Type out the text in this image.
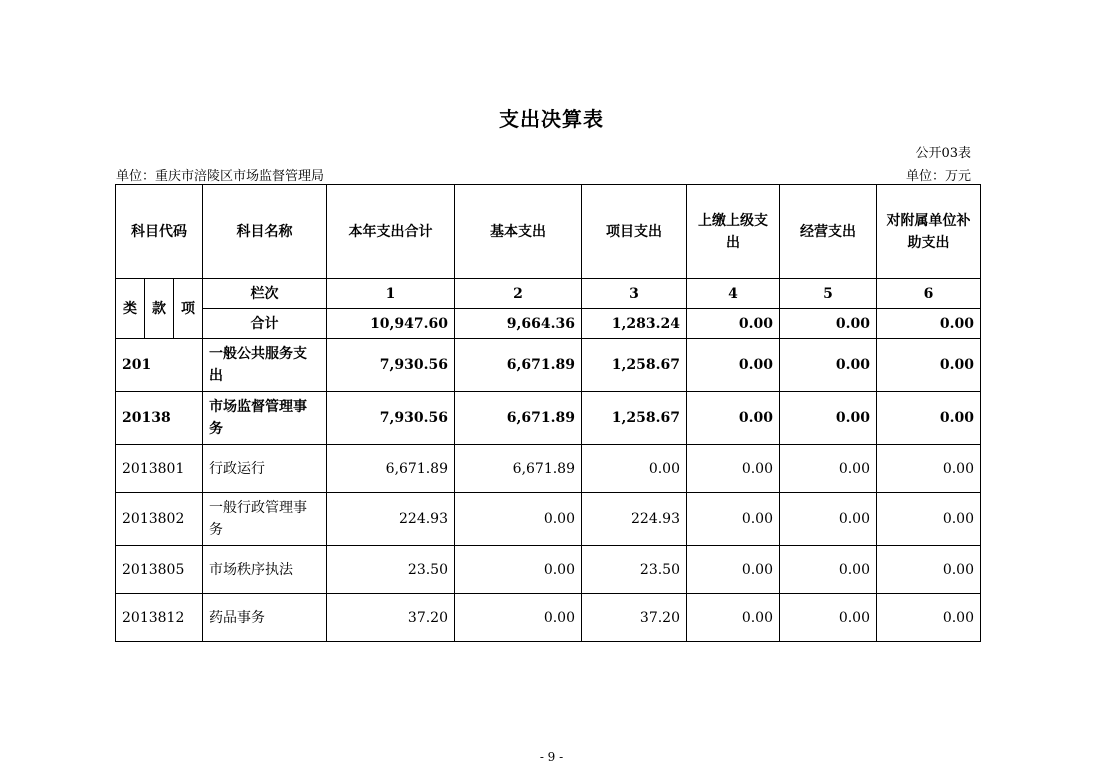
支出决算表
公开03表
单位：重庆市涪陵区市场监督管理局	单位：万元
科目代码			科目名称	本年支出合计	基本支出	项目支出	上缴上级支出	经营支出	对附属单位补助支出
类	款	项	栏次	1	2	3	4	5	6
			合计	10,947.60	9,664.36	1,283.24	0.00	0.00	0.00
201			一般公共服务支出	7,930.56	6,671.89	1,258.67	0.00	0.00	0.00
20138			市场监督管理事务	7,930.56	6,671.89	1,258.67	0.00	0.00	0.00
2013801			行政运行	6,671.89	6,671.89	0.00	0.00	0.00	0.00
2013802			一般行政管理事务	224.93	0.00	224.93	0.00	0.00	0.00
2013805			市场秩序执法	23.50	0.00	23.50	0.00	0.00	0.00
2013812			药品事务	37.20	0.00	37.20	0.00	0.00	0.00
- 9 -
